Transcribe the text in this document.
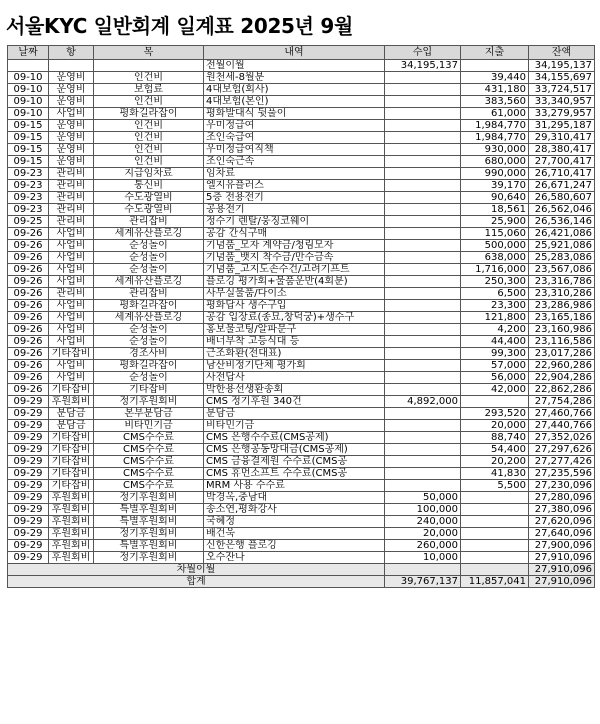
서울KYC 일반회계 일계표 2025년 9월
날짜	항	목	내역	수입	지출	잔액
			전월이월	34,195,137		34,195,137
09-10	운영비	인건비	원천세-8월분		39,440	34,155,697
09-10	운영비	보험료	4대보험(회사)		431,180	33,724,517
09-10	운영비	인건비	4대보험(본인)		383,560	33,340,957
09-10	사업비	평화길라잡이	평화발대식 뒷풀이		61,000	33,279,957
09-15	운영비	인건비	우미정급여		1,984,770	31,295,187
09-15	운영비	인건비	조인숙급여		1,984,770	29,310,417
09-15	운영비	인건비	우미정급여직책		930,000	28,380,417
09-15	운영비	인건비	조인숙근속		680,000	27,700,417
09-23	관리비	지급임차료	임차료		990,000	26,710,417
09-23	관리비	통신비	엘지유플러스		39,170	26,671,247
09-23	관리비	수도광열비	5층 전용전기		90,640	26,580,607
09-23	관리비	수도광열비	공용전기		18,561	26,562,046
09-25	관리비	관리잡비	정수기 렌탈/웅징코웨이		25,900	26,536,146
09-26	사업비	세계유산플로깅	공감 간식구매		115,060	26,421,086
09-26	사업비	순성놀이	기념품_모자 계약금/청림모자		500,000	25,921,086
09-26	사업비	순성놀이	기념품_뱃지 착수금/만수금속		638,000	25,283,086
09-26	사업비	순성놀이	기념품_고지도손수건/고려기프트		1,716,000	23,567,086
09-26	사업비	세계유산플로깅	플로깅 평가회+물품운반(4회분)		250,300	23,316,786
09-26	관리비	관리잡비	사무실물품/다이소		6,500	23,310,286
09-26	사업비	평화길라잡이	평화답사 생수구입		23,300	23,286,986
09-26	사업비	세계유산플로깅	공감 입장료(종묘,창덕궁)+생수구		121,800	23,165,186
09-26	사업비	순성놀이	홍보물코팅/알파문구		4,200	23,160,986
09-26	사업비	순성놀이	배너부착 고등식대 등		44,400	23,116,586
09-26	기타잡비	경조사비	근조화환(전대표)		99,300	23,017,286
09-26	사업비	평화길라잡이	남산비정기단체 평가회		57,000	22,960,286
09-26	사업비	순성놀이	사전답사		56,000	22,904,286
09-26	기타잡비	기타잡비	박한용선생환송회		42,000	22,862,286
09-29	후원회비	정기후원회비	CMS 정기후원 340건	4,892,000		27,754,286
09-29	분담금	본부분담금	분담금		293,520	27,460,766
09-29	분담금	비타민기금	비타민기금		20,000	27,440,766
09-29	기타잡비	CMS수수료	CMS 은행수수료(CMS공제)		88,740	27,352,026
09-29	기타잡비	CMS수수료	CMS 은행공동망대금(CMS공제)		54,400	27,297,626
09-29	기타잡비	CMS수수료	CMS 금융결제원 수수료(CMS공		20,200	27,277,426
09-29	기타잡비	CMS수수료	CMS 휴먼소프트 수수료(CMS공		41,830	27,235,596
09-29	기타잡비	CMS수수료	MRM 사용 수수료		5,500	27,230,096
09-29	후원회비	정기후원회비	박경옥,충남대	50,000		27,280,096
09-29	후원회비	특별후원회비	송소연,평화강사	100,000		27,380,096
09-29	후원회비	특별후원회비	국혜정	240,000		27,620,096
09-29	후원회비	정기후원회비	배건욱	20,000		27,640,096
09-29	후원회비	특별후원회비	신한은행 플로깅	260,000		27,900,096
09-29	후원회비	정기후원회비	오수잔나	10,000		27,910,096
차월이월						27,910,096
합계				39,767,137	11,857,041	27,910,096
